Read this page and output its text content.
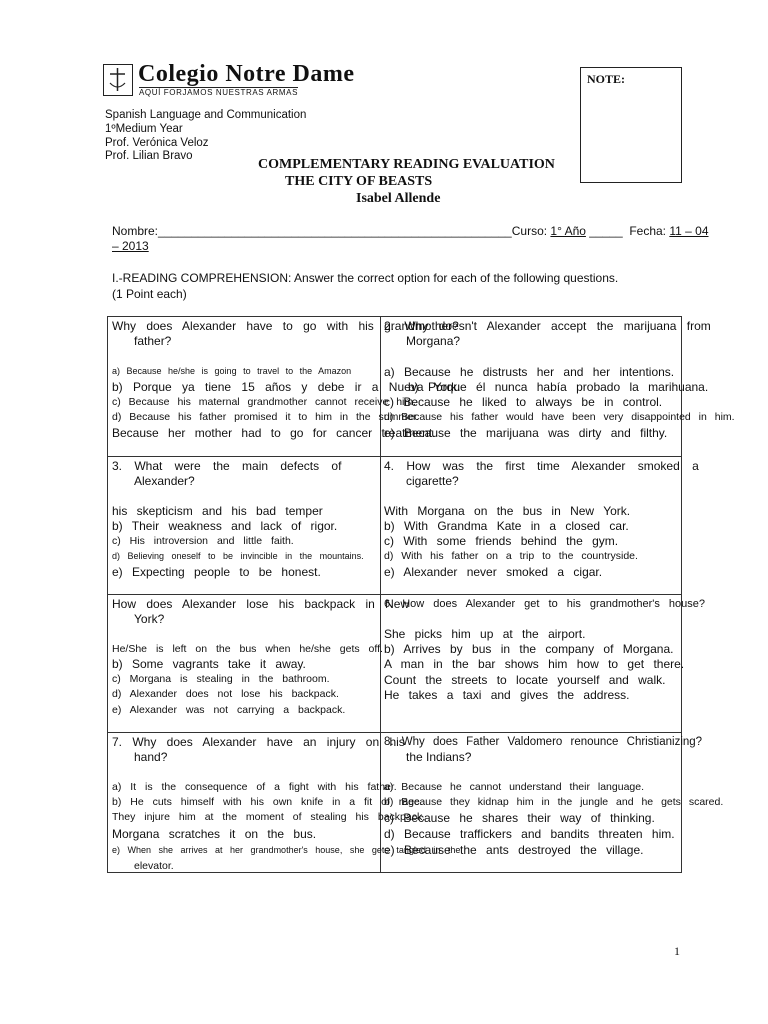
Colegio Notre Dame
AQUÍ FORJAMOS NUESTRAS ARMAS
NOTE:
Spanish Language and Communication
1ºMedium Year
Prof. Verónica Veloz
Prof. Lilian Bravo
COMPLEMENTARY READING EVALUATION
THE CITY OF BEASTS
Isabel Allende
Nombre:_____________________________________________________Curso: 1° Año _____ Fecha: 11 – 04
– 2013
I.-READING COMPREHENSION: Answer the correct option for each of the following questions.
(1 Point each)
Why does Alexander have to go with his grandmother?
father?
2. Why doesn't Alexander accept the marijuana from
Morgana?
a) Because he/she is going to travel to the Amazon
b) Porque ya tiene 15 años y debe ir a Nueva York.
c) Because his maternal grandmother cannot receive him.
d) Because his father promised it to him in the summer.
Because her mother had to go for cancer treatment.
a) Because he distrusts her and her intentions.
b) Porque él nunca había probado la marihuana.
c) Because he liked to always be in control.
d) Because his father would have been very disappointed in him.
e) Because the marijuana was dirty and filthy.
3. What were the main defects of
Alexander?
4. How was the first time Alexander smoked a
cigarette?
his skepticism and his bad temper
b) Their weakness and lack of rigor.
c) His introversion and little faith.
d) Believing oneself to be invincible in the mountains.
e) Expecting people to be honest.
With Morgana on the bus in New York.
b) With Grandma Kate in a closed car.
c) With some friends behind the gym.
d) With his father on a trip to the countryside.
e) Alexander never smoked a cigar.
How does Alexander lose his backpack in New
York?
6. How does Alexander get to his grandmother's house?
He/She is left on the bus when he/she gets off.
b) Some vagrants take it away.
c) Morgana is stealing in the bathroom.
d) Alexander does not lose his backpack.
e) Alexander was not carrying a backpack.
She picks him up at the airport.
b) Arrives by bus in the company of Morgana.
A man in the bar shows him how to get there.
Count the streets to locate yourself and walk.
He takes a taxi and gives the address.
7. Why does Alexander have an injury on his
hand?
8. Why does Father Valdomero renounce Christianizing?
the Indians?
a) It is the consequence of a fight with his father.
b) He cuts himself with his own knife in a fit of rage.
They injure him at the moment of stealing his backpack.
Morgana scratches it on the bus.
e) When she arrives at her grandmother's house, she gets tangled in the
elevator.
a) Because he cannot understand their language.
b) Because they kidnap him in the jungle and he gets scared.
c) Because he shares their way of thinking.
d) Because traffickers and bandits threaten him.
e) Because the ants destroyed the village.
1
